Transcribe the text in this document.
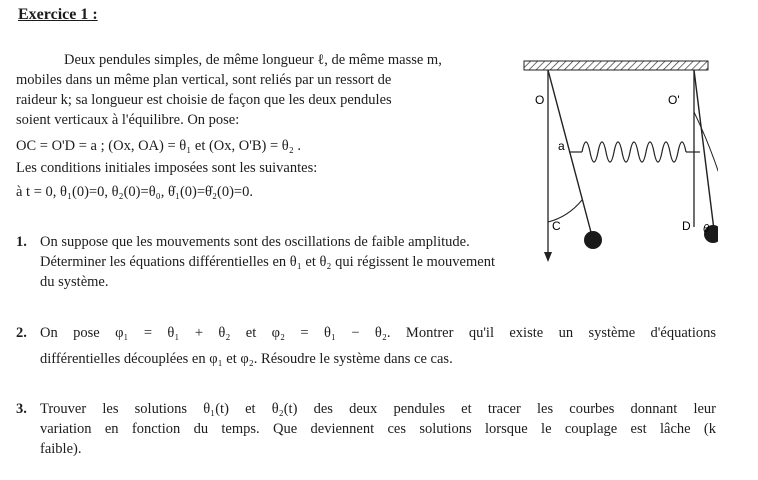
Exercice 1 :
Deux pendules simples, de même longueur ℓ, de même masse m,
mobiles dans un même plan vertical, sont reliés par un ressort de
raideur k; sa longueur est choisie de façon que les deux pendules
soient verticaux à l'équilibre. On pose:
OC = O'D = a ; (Ox, OA) = θ₁ et (Ox, O'B) = θ₂ .
Les conditions initiales imposées sont les suivantes:
à t = 0, θ₁(0)=0, θ₂(0)=θ₀, θ̇₁(0)=θ̇₂(0)=0.
1. On suppose que les mouvements sont des oscillations de faible amplitude. Déterminer les équations différentielles en θ₁ et θ₂ qui régissent le mouvement du système.
2. On pose φ₁ = θ₁ + θ₂ et φ₂ = θ₁ − θ₂. Montrer qu'il existe un système d'équations
différentielles découplées en φ₁ et φ₂. Résoudre le système dans ce cas.
3. Trouver les solutions θ₁(t) et θ₂(t) des deux pendules et tracer les courbes donnant leur
variation en fonction du temps. Que deviennent ces solutions lorsque le couplage est lâche (k
faible).
O	O'
a
C	D θ
